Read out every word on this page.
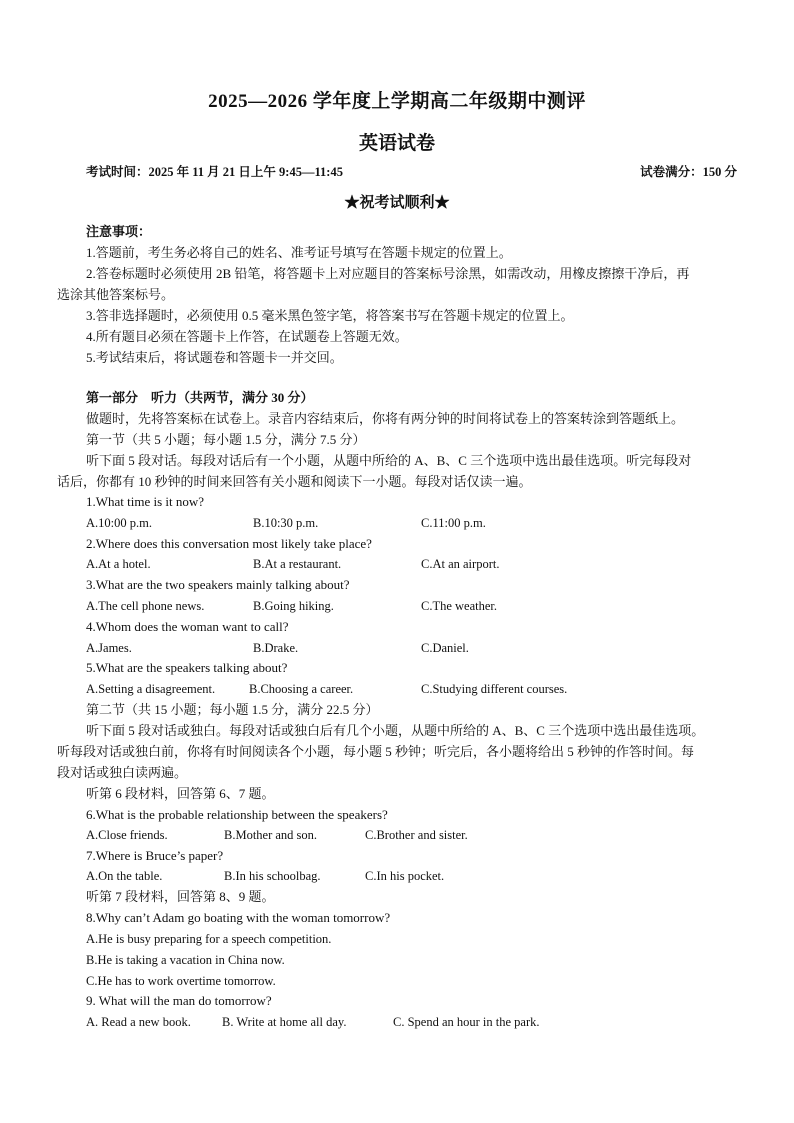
2025—2026 学年度上学期高二年级期中测评
英语试卷
考试时间：2025 年 11 月 21 日上午 9:45—11:45	试卷满分：150 分
★祝考试顺利★
注意事项：
1.答题前，考生务必将自己的姓名、准考证号填写在答题卡规定的位置上。
2.答卷标题时必须使用 2B 铅笔，将答题卡上对应题目的答案标号涂黑，如需改动，用橡皮擦擦干净后，再
选涂其他答案标号。
3.答非选择题时，必须使用 0.5 毫米黑色签字笔，将答案书写在答题卡规定的位置上。
4.所有题目必须在答题卡上作答，在试题卷上答题无效。
5.考试结束后，将试题卷和答题卡一并交回。
第一部分　听力（共两节，满分 30 分）
做题时，先将答案标在试卷上。录音内容结束后，你将有两分钟的时间将试卷上的答案转涂到答题纸上。
第一节（共 5 小题；每小题 1.5 分，满分 7.5 分）
听下面 5 段对话。每段对话后有一个小题，从题中所给的 A、B、C 三个选项中选出最佳选项。听完每段对
话后，你都有 10 秒钟的时间来回答有关小题和阅读下一小题。每段对话仅读一遍。
1.What time is it now?
A.10:00 p.m.	B.10:30 p.m.	C.11:00 p.m.
2.Where does this conversation most likely take place?
A.At a hotel.	B.At a restaurant.	C.At an airport.
3.What are the two speakers mainly talking about?
A.The cell phone news.	B.Going hiking.	C.The weather.
4.Whom does the woman want to call?
A.James.	B.Drake.	C.Daniel.
5.What are the speakers talking about?
A.Setting a disagreement.	B.Choosing a career.	C.Studying different courses.
第二节（共 15 小题；每小题 1.5 分，满分 22.5 分）
听下面 5 段对话或独白。每段对话或独白后有几个小题，从题中所给的 A、B、C 三个选项中选出最佳选项。
听每段对话或独白前，你将有时间阅读各个小题，每小题 5 秒钟；听完后，各小题将给出 5 秒钟的作答时间。每
段对话或独白读两遍。
听第 6 段材料，回答第 6、7 题。
6.What is the probable relationship between the speakers?
A.Close friends.	B.Mother and son.	C.Brother and sister.
7.Where is Bruce’s paper?
A.On the table.	B.In his schoolbag.	C.In his pocket.
听第 7 段材料，回答第 8、9 题。
8.Why can’t Adam go boating with the woman tomorrow?
A.He is busy preparing for a speech competition.
B.He is taking a vacation in China now.
C.He has to work overtime tomorrow.
9. What will the man do tomorrow?
A. Read a new book. B. Write at home all day.	C. Spend an hour in the park.
